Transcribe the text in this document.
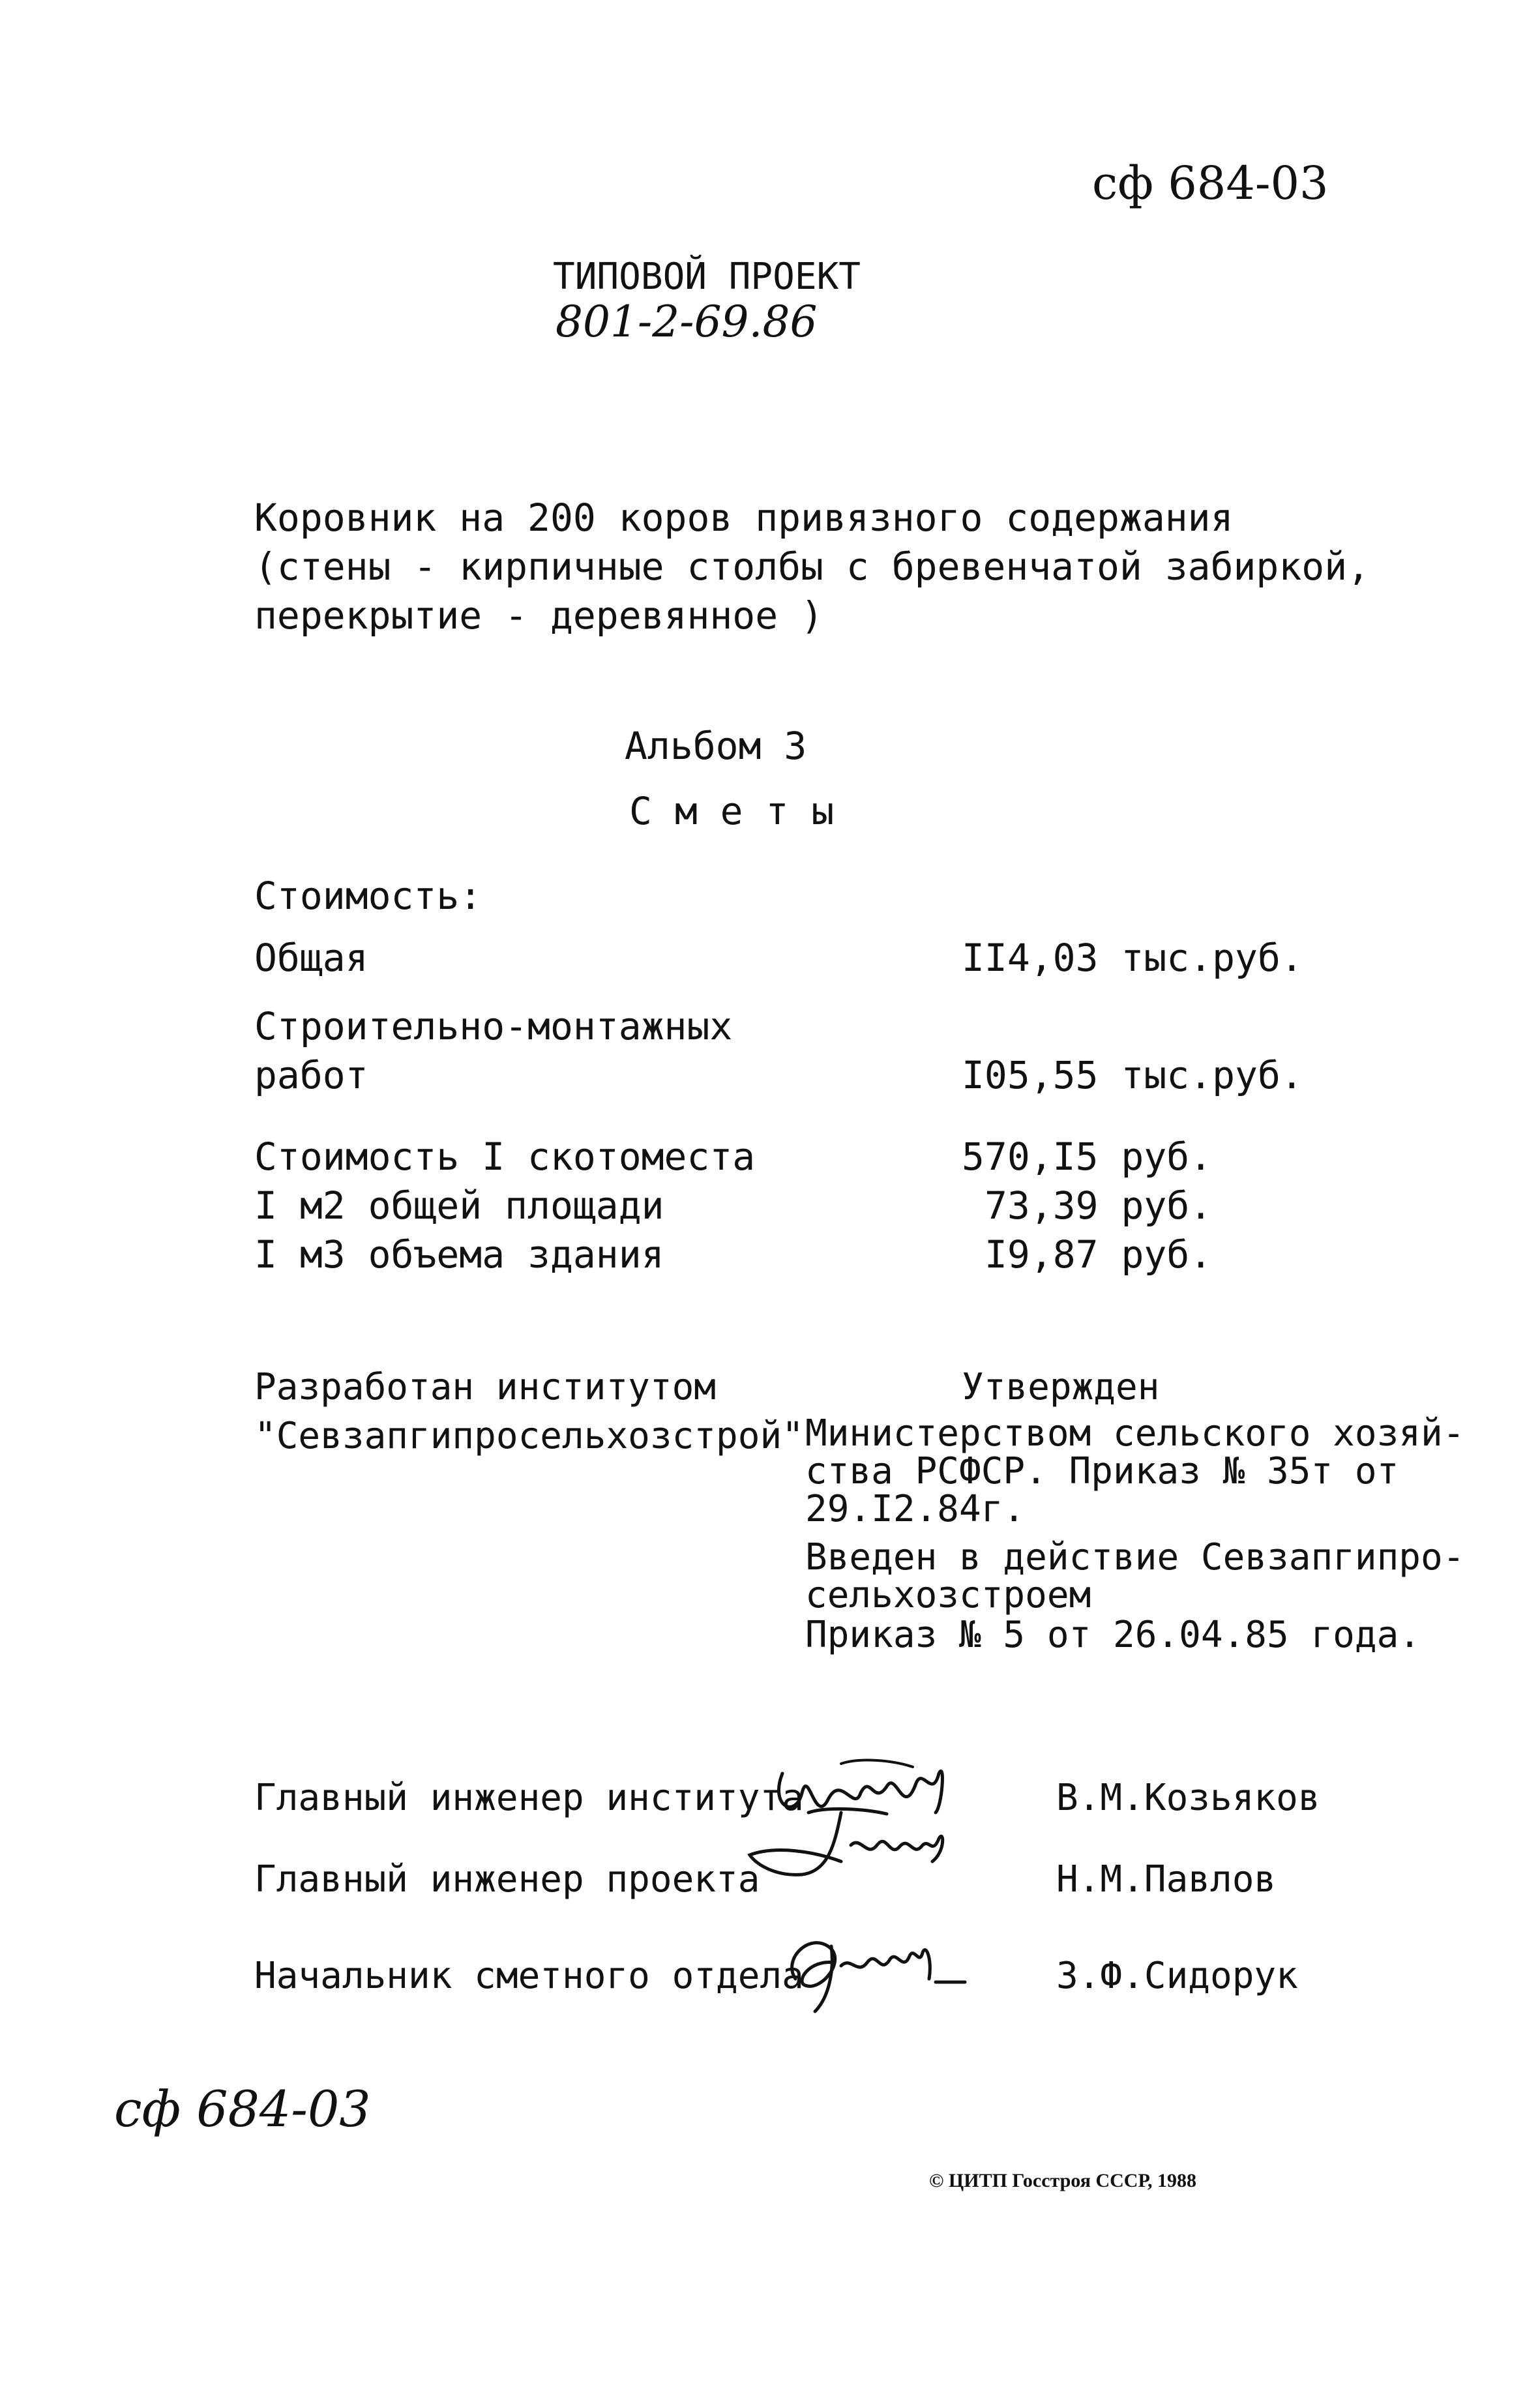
сф 684-03
ТИПОВОЙ ПРОЕКТ
801-2-69.86
Коровник на 200 коров привязного содержания
(стены - кирпичные столбы с бревенчатой забиркой,
перекрытие - деревянное )
Альбом 3
С м е т ы
Стоимость:
Общая	II4,03 тыс.руб.
Строительно-монтажных
работ	I05,55 тыс.руб.
Стоимость I скотоместа	570,I5 руб.
I м2 общей площади	73,39 руб.
I м3 объема здания	I9,87 руб.
Разработан институтом
"Севзапгипросельхозстрой"
Утвержден
Министерством сельского хозяй-
ства РСФСР. Приказ № 35т от
29.I2.84г.
Введен в действие Севзапгипро-
сельхозстроем
Приказ № 5 от 26.04.85 года.
Главный инженер института	В.М.Козьяков
Главный инженер проекта	Н.М.Павлов
Начальник сметного отдела	З.Ф.Сидорук
сф 684-03
© ЦИТП Госстроя СССР, 1988
